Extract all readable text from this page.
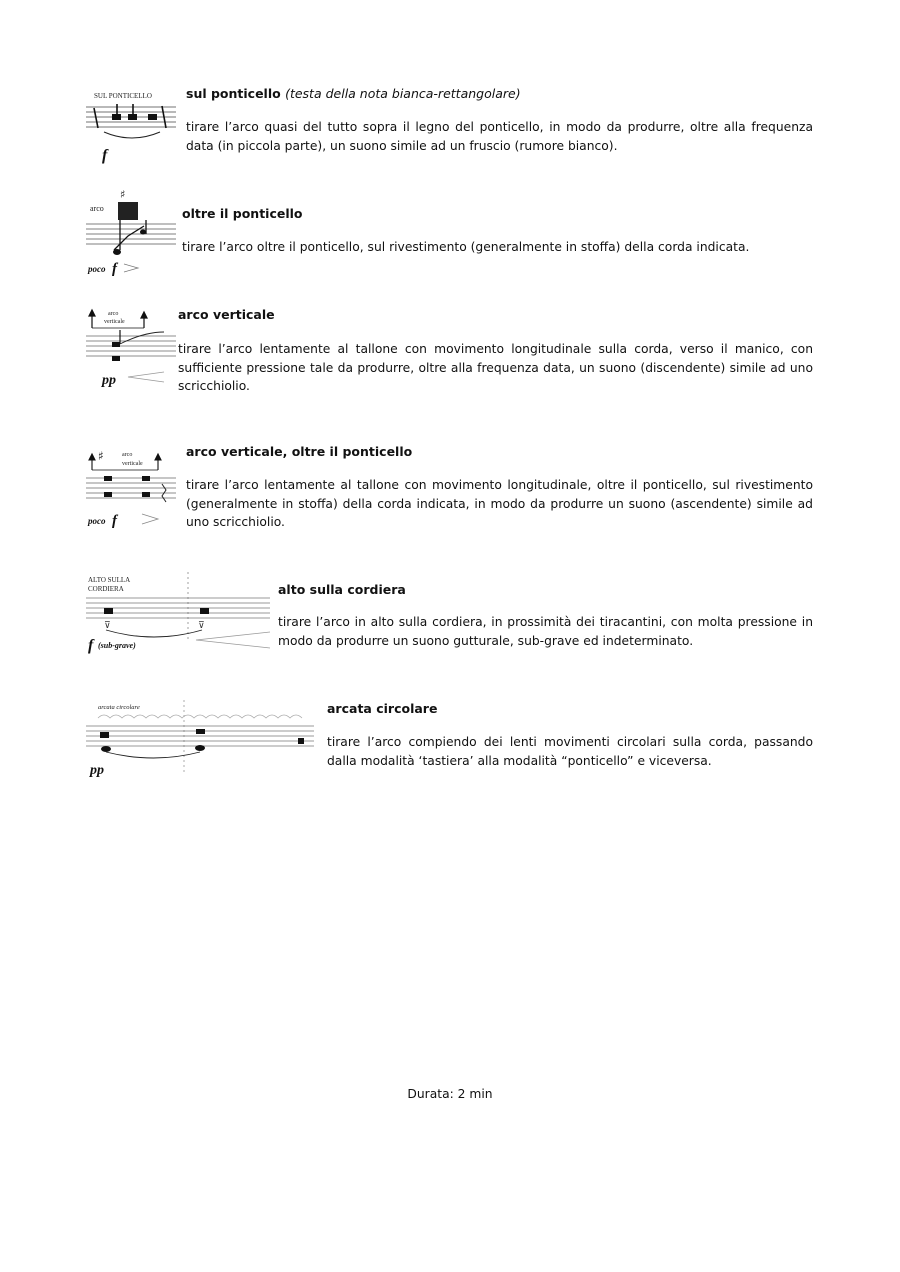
SUL PONTICELLO
f

sul ponticello (testa della nota bianca-rettangolare)

tirare l’arco quasi del tutto sopra il legno del ponticello, in modo da produrre, oltre alla frequenza data (in piccola parte), un suono simile ad un fruscio (rumore bianco).

arco
♯
poco f

oltre il ponticello

tirare l’arco oltre il ponticello, sul rivestimento (generalmente in stoffa) della corda indicata.

arco
verticale
pp

arco verticale

tirare l’arco lentamente al tallone con movimento longitudinale sulla corda, verso il manico, con sufficiente pressione tale da produrre, oltre alla frequenza data, un suono (discendente) simile ad uno scricchiolio.

♯	arco
verticale
poco f

arco verticale, oltre il ponticello

tirare l’arco lentamente al tallone con movimento longitudinale, oltre il ponticello, sul rivestimento (generalmente in stoffa) della corda indicata, in modo da produrre un suono (ascendente) simile ad uno scricchiolio.

ALTO SULLA
CORDIERA
⊽	⊽
f (sub-grave)

alto sulla cordiera

tirare l’arco in alto sulla cordiera, in prossimità dei tiracantini, con molta pressione in modo da produrre un suono gutturale, sub-grave ed indeterminato.

arcata circolare
pp

arcata circolare

tirare l’arco compiendo dei lenti movimenti circolari sulla corda, passando dalla modalità ‘tastiera’ alla modalità “ponticello” e viceversa.

Durata: 2 min
